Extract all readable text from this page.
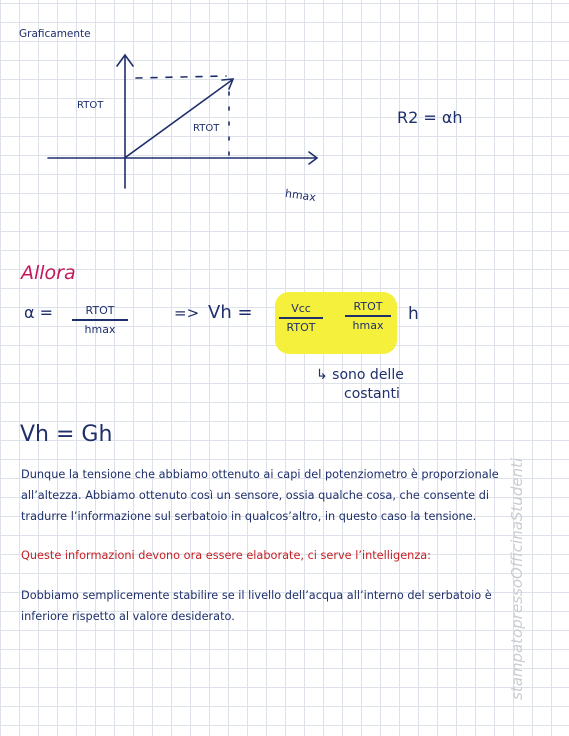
Graficamente
RTOT
RTOT
hmax
R2 = αh
Allora
α =	RTOT
hmax
=> Vh =	Vcc
RTOT
RTOT
hmax
h
↳ sono delle
costanti
Vh = Gh
Dunque la tensione che abbiamo ottenuto ai capi del potenziometro è proporzionale all’altezza. Abbiamo ottenuto così un sensore, ossia qualche cosa, che consente di tradurre l’informazione sul serbatoio in qualcos’altro, in questo caso la tensione.
Queste informazioni devono ora essere elaborate, ci serve l’intelligenza:
Dobbiamo semplicemente stabilire se il livello dell’acqua all’interno del serbatoio è inferiore rispetto al valore desiderato.	stampatopressoOfficinaStudenti
